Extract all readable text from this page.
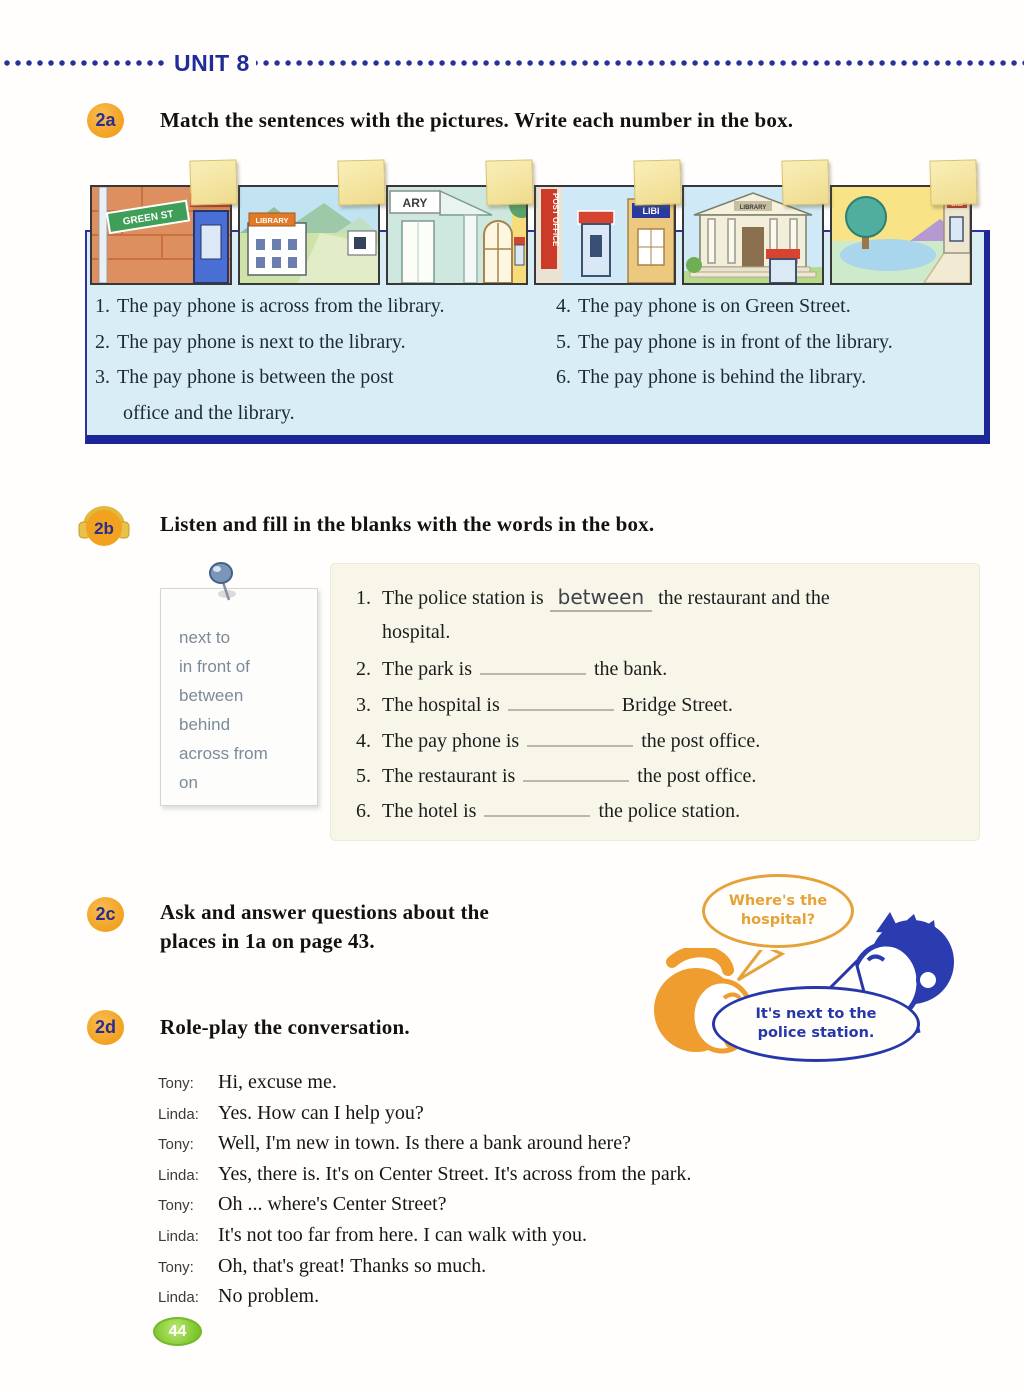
UNIT 8
2a	Match the sentences with the pictures. Write each number in the box.
GREEN ST	LIBRARY
ARY	POST OFFICE	LIBI	LIBRARY
1. The pay phone is across from the library.
2. The pay phone is next to the library.
3. The pay phone is between the post
office and the library.
4. The pay phone is on Green Street.
5. The pay phone is in front of the library.
6. The pay phone is behind the library.
2b Listen and fill in the blanks with the words in the box.
1. The police station is between the restaurant and the
hospital.
2. The park is	the bank.
3. The hospital is	Bridge Street.
4. The pay phone is	the post office.
5. The restaurant is	the post office.
6. The hotel is	the police station.
next to
in front of
between
behind
across from
on
2c	Ask and answer questions about the
places in 1a on page 43.
Where's the
hospital?
It's next to the
police station.
2d	Role-play the conversation.
Tony:	Hi, excuse me.
Linda: Yes. How can I help you?
Tony:	Well, I'm new in town. Is there a bank around here?
Linda: Yes, there is. It's on Center Street. It's across from the park.
Tony:	Oh ... where's Center Street?
Linda: It's not too far from here. I can walk with you.
Tony:	Oh, that's great! Thanks so much.
Linda: No problem.
44
